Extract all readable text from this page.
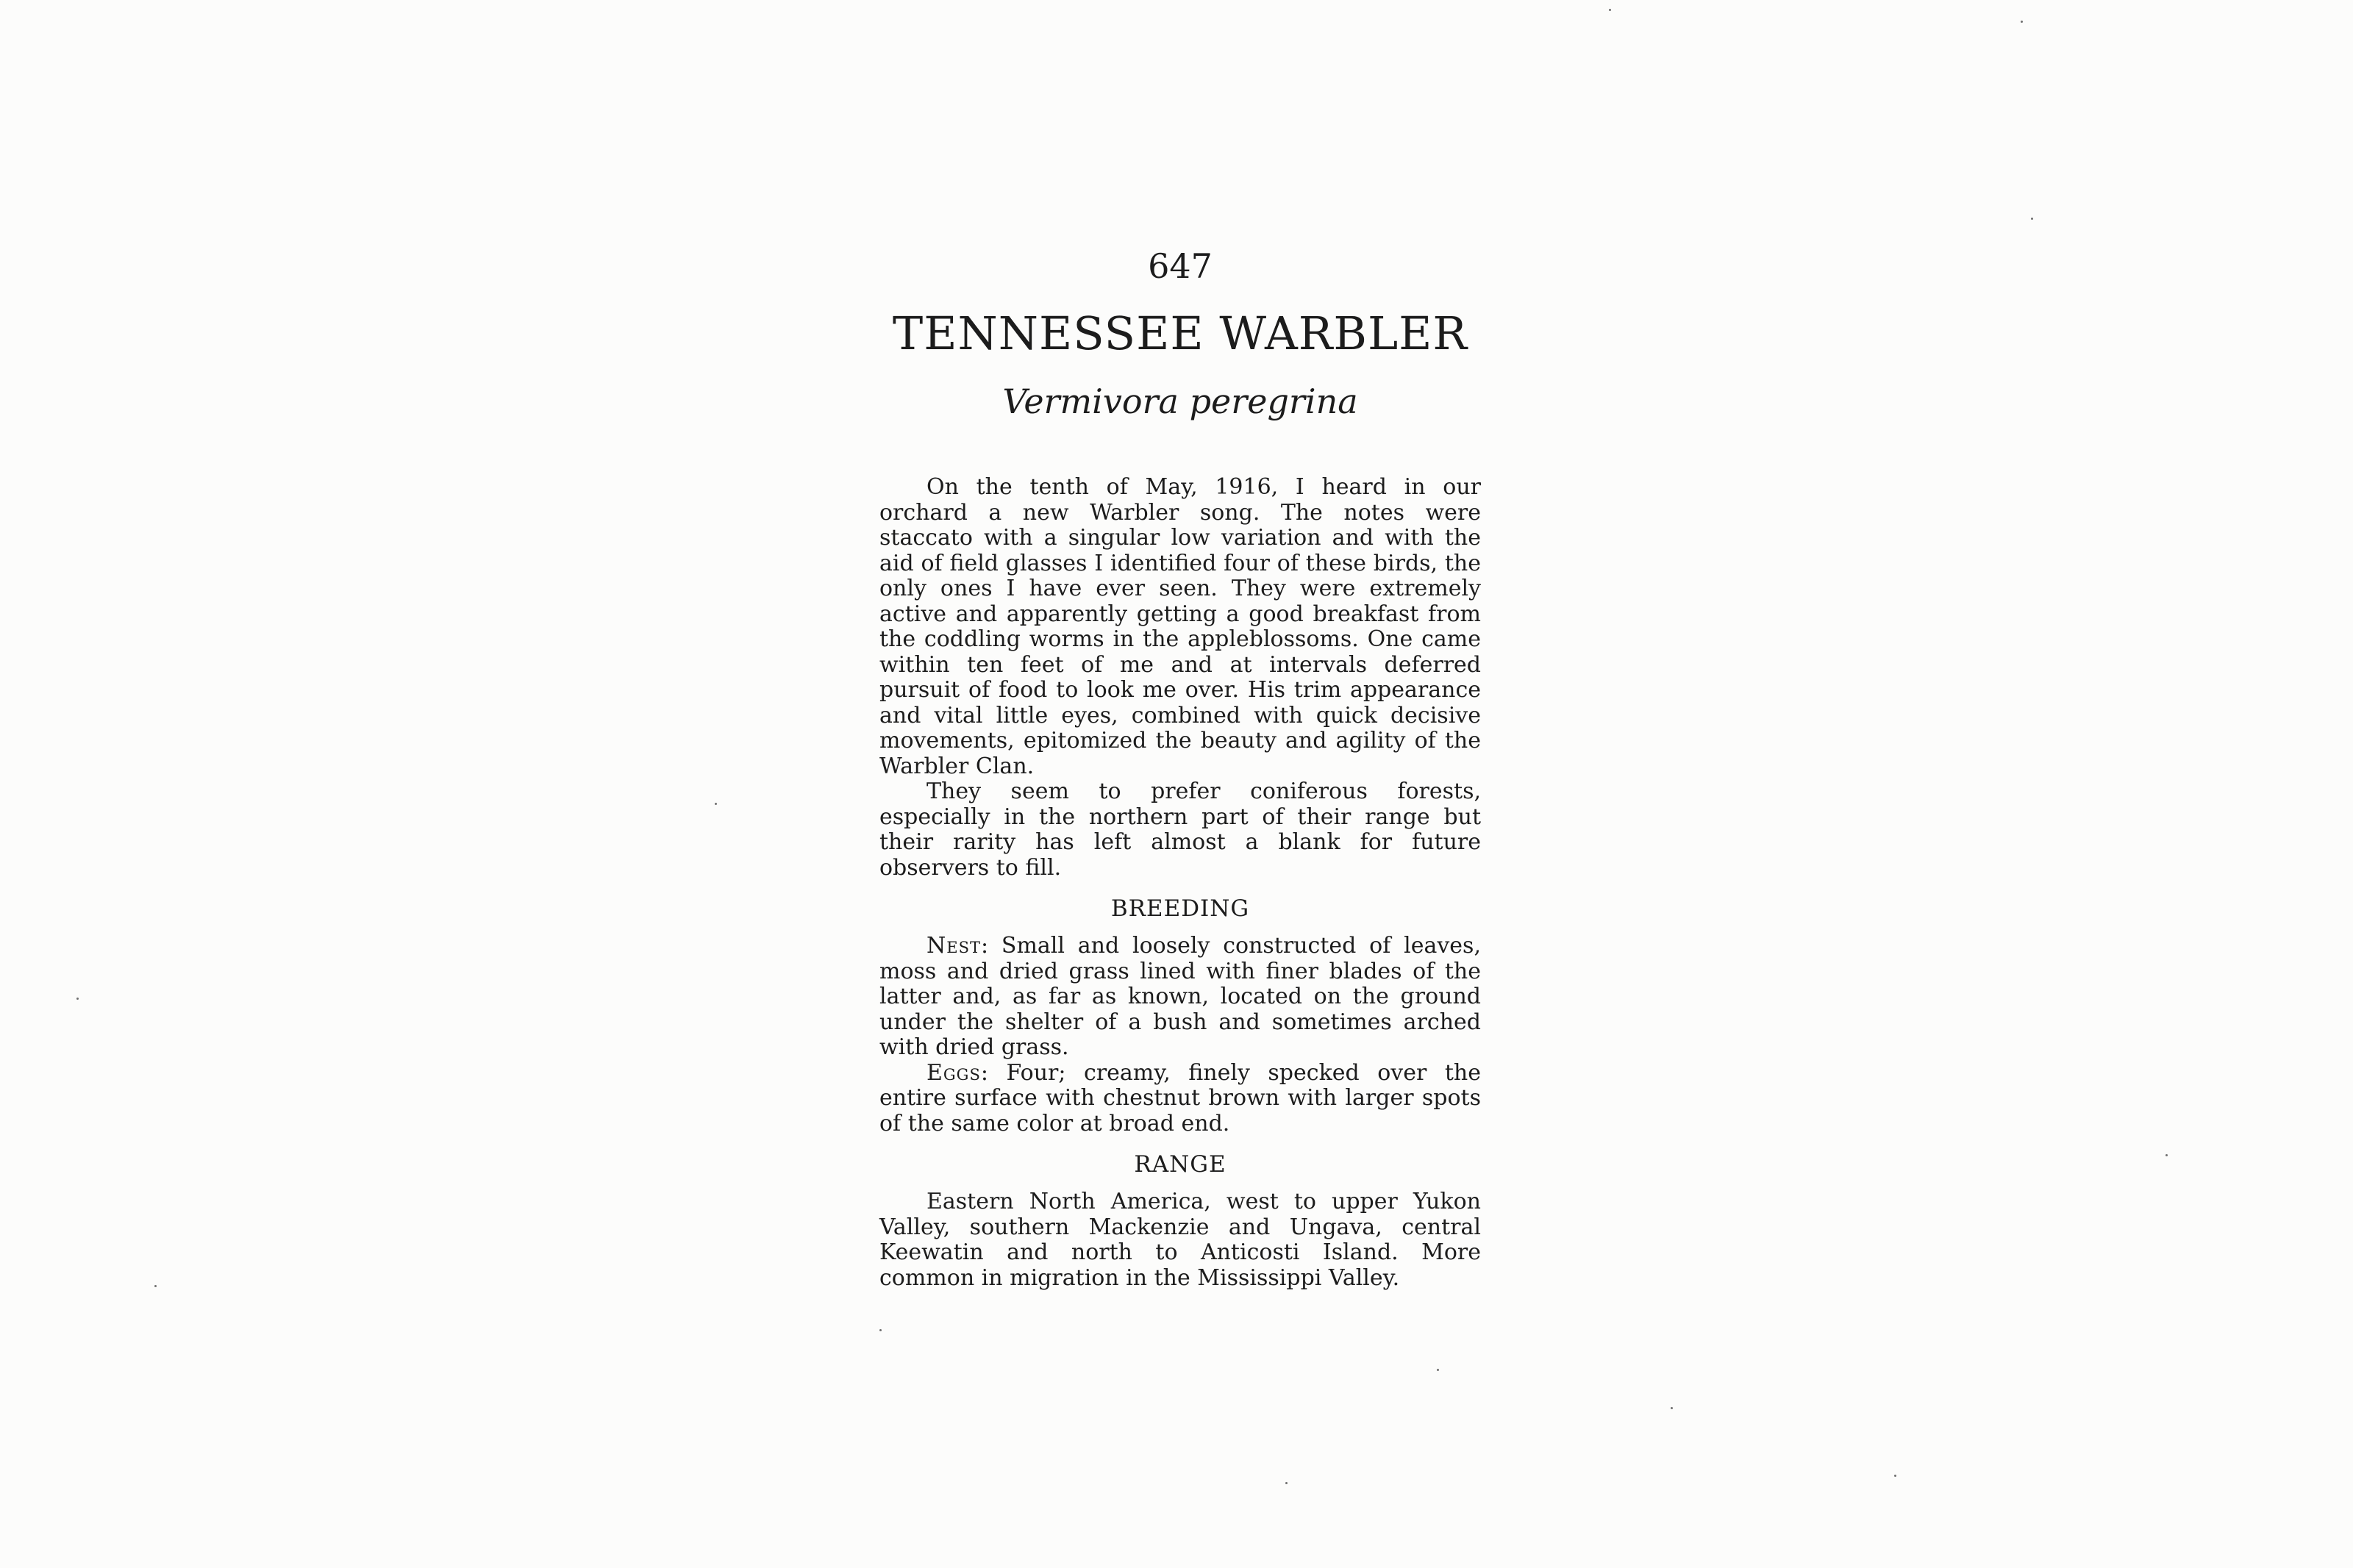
647
TENNESSEE WARBLER
Vermivora peregrina

On the tenth of May, 1916, I heard in our orchard a new Warbler song. The notes were staccato with a singular low variation and with the aid of field glasses I identified four of these birds, the only ones I have ever seen. They were extremely active and apparently getting a good breakfast from the coddling worms in the appleblossoms. One came within ten feet of me and at intervals deferred pursuit of food to look me over. His trim appearance and vital little eyes, combined with quick decisive movements, epitomized the beauty and agility of the Warbler Clan.

They seem to prefer coniferous forests, especially in the northern part of their range but their rarity has left almost a blank for future observers to fill.

BREEDING

Nest: Small and loosely constructed of leaves, moss and dried grass lined with finer blades of the latter and, as far as known, located on the ground under the shelter of a bush and sometimes arched with dried grass.

Eggs: Four; creamy, finely specked over the entire surface with chestnut brown with larger spots of the same color at broad end.

RANGE

Eastern North America, west to upper Yukon Valley, southern Mackenzie and Ungava, central Keewatin and north to Anticosti Island. More common in migration in the Mississippi Valley.
